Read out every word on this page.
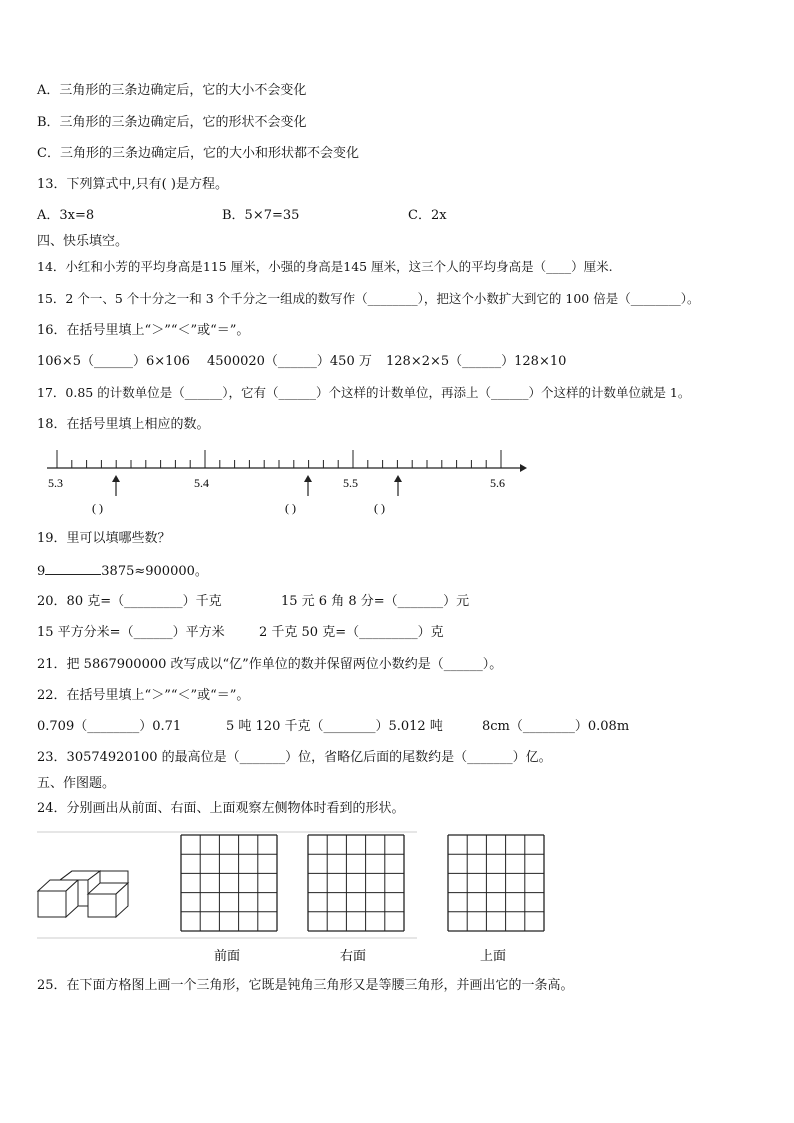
A．三角形的三条边确定后，它的大小不会变化
B．三角形的三条边确定后，它的形状不会变化
C．三角形的三条边确定后，它的大小和形状都不会变化
13．下列算式中,只有( )是方程。
A．3x=8	B．5×7=35	C．2x
四、快乐填空。
14．小红和小芳的平均身高是115 厘米，小强的身高是145 厘米，这三个人的平均身高是（____）厘米.
15．2 个一、5 个十分之一和 3 个千分之一组成的数写作（________），把这个小数扩大到它的 100 倍是（________）。
16．在括号里填上“＞”“＜”或“＝”。
106×5（______）6×106 4500020（______）450 万 128×2×5（______）128×10
17．0.85 的计数单位是（______），它有（______）个这样的计数单位，再添上（______）个这样的计数单位就是 1。
18．在括号里填上相应的数。
5.3	5.4	5.5	5.6
( )	( )	( )
19．里可以填哪些数？
9	3875≈900000。
20．80 克=（_________）千克	15 元 6 角 8 分=（_______）元
15 平方分米=（______）平方米	2 千克 50 克=（_________）克
21．把 5867900000 改写成以“亿”作单位的数并保留两位小数约是（______）。
22．在括号里填上“＞”“＜”或“＝”。
0.709（________）0.71	5 吨 120 千克（________）5.012 吨	8cm（________）0.08m
23．30574920100 的最高位是（_______）位，省略亿后面的尾数约是（_______）亿。
五、作图题。
24．分别画出从前面、右面、上面观察左侧物体时看到的形状。
前面	右面	上面
25．在下面方格图上画一个三角形，它既是钝角三角形又是等腰三角形，并画出它的一条高。
